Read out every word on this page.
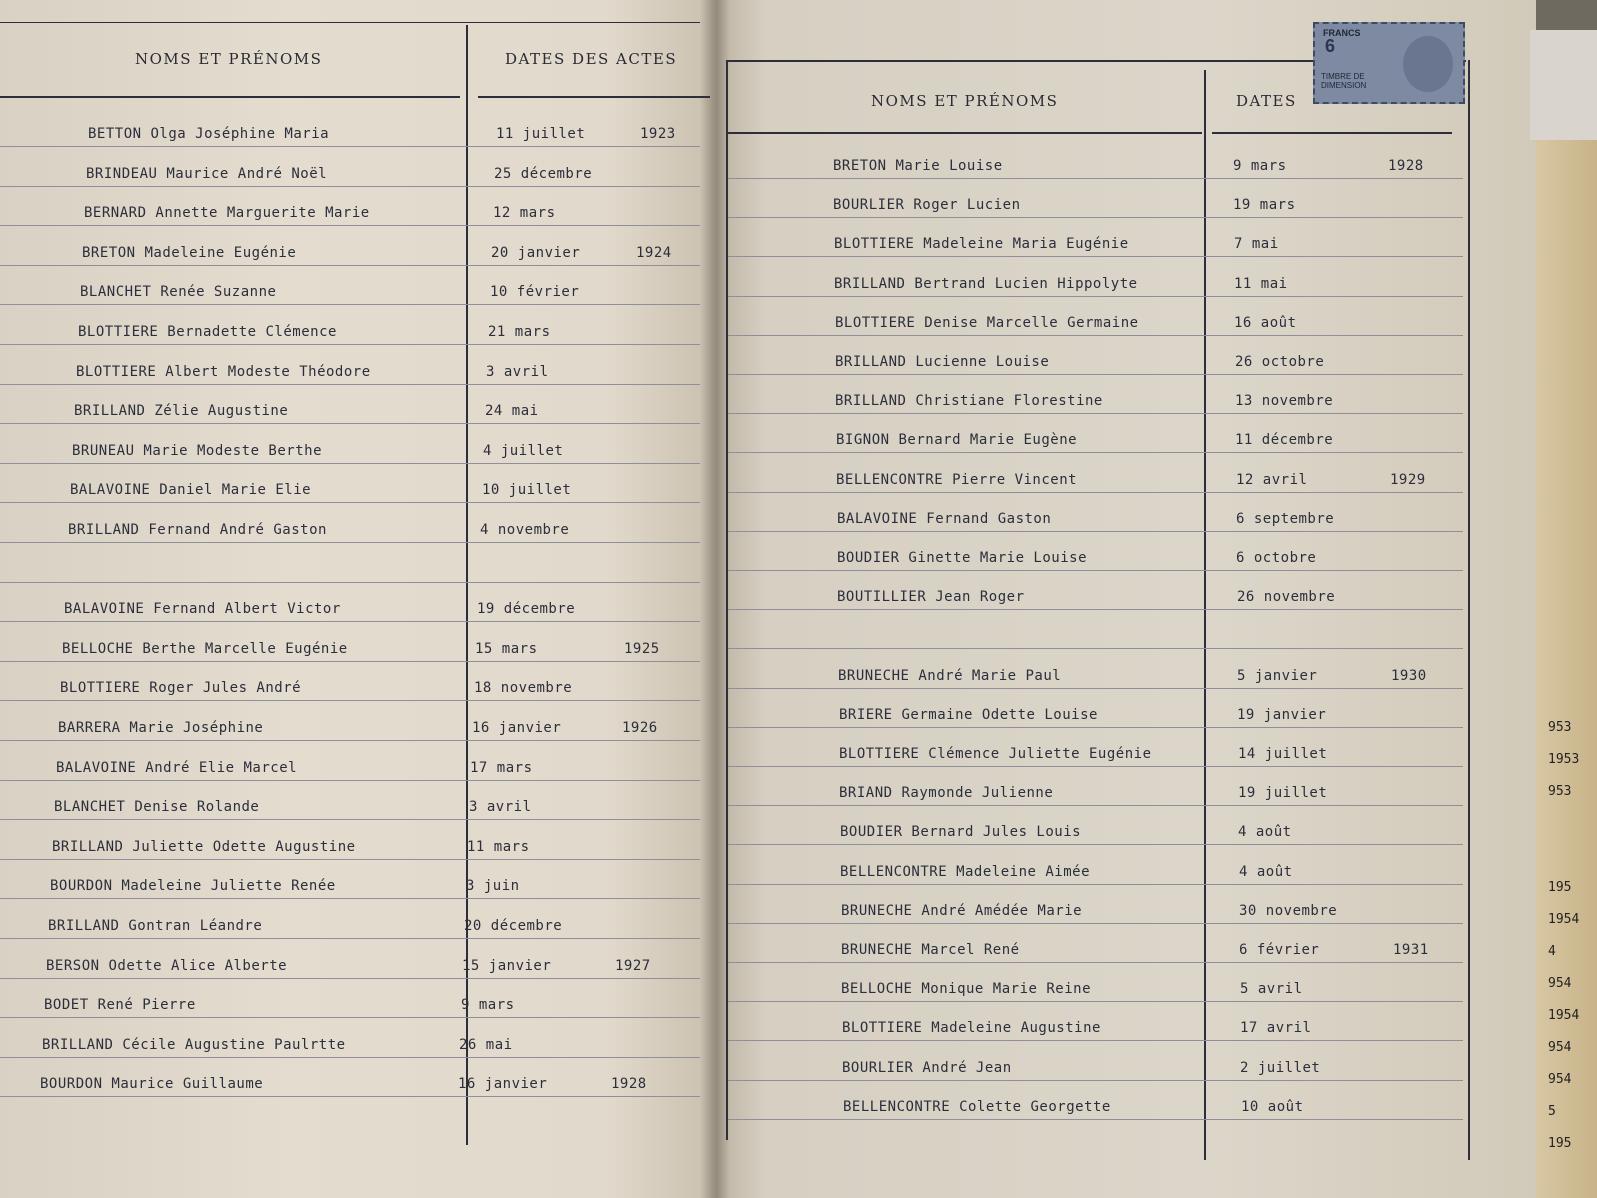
NOMS ET PRÉNOMS	DATES DES ACTES
BETTON Olga Joséphine Maria	11 juillet	1923
BRINDEAU Maurice André Noël	25 décembre
BERNARD Annette Marguerite Marie	12 mars
BRETON Madeleine Eugénie	20 janvier	1924
BLANCHET Renée Suzanne	10 février
BLOTTIERE Bernadette Clémence	21 mars
BLOTTIERE Albert Modeste Théodore	3 avril
BRILLAND Zélie Augustine	24 mai
BRUNEAU Marie Modeste Berthe	4 juillet
BALAVOINE Daniel Marie Elie	10 juillet
BRILLAND Fernand André Gaston	4 novembre
BALAVOINE Fernand Albert Victor	19 décembre
BELLOCHE Berthe Marcelle Eugénie	15 mars	1925
BLOTTIERE Roger Jules André	18 novembre
BARRERA Marie Joséphine	16 janvier	1926
BALAVOINE André Elie Marcel	17 mars
BLANCHET Denise Rolande	3 avril
BRILLAND Juliette Odette Augustine	11 mars
BOURDON Madeleine Juliette Renée	3 juin
BRILLAND Gontran Léandre	20 décembre
BERSON Odette Alice Alberte	15 janvier	1927
BODET René Pierre	9 mars
BRILLAND Cécile Augustine Paulrtte	26 mai
BOURDON Maurice Guillaume	16 janvier	1928
NOMS ET PRÉNOMS	DATES
BRETON Marie Louise	9 mars	1928
BOURLIER Roger Lucien	19 mars
BLOTTIERE Madeleine Maria Eugénie	7 mai
BRILLAND Bertrand Lucien Hippolyte	11 mai
BLOTTIERE Denise Marcelle Germaine	16 août
BRILLAND Lucienne Louise	26 octobre
BRILLAND Christiane Florestine	13 novembre
BIGNON Bernard Marie Eugène	11 décembre
BELLENCONTRE Pierre Vincent	12 avril	1929
BALAVOINE Fernand Gaston	6 septembre
BOUDIER Ginette Marie Louise	6 octobre
BOUTILLIER Jean Roger	26 novembre
BRUNECHE André Marie Paul	5 janvier	1930
BRIERE Germaine Odette Louise	19 janvier
BLOTTIERE Clémence Juliette Eugénie	14 juillet
BRIAND Raymonde Julienne	19 juillet
BOUDIER Bernard Jules Louis	4 août
BELLENCONTRE Madeleine Aimée	4 août
BRUNECHE André Amédée Marie	30 novembre
BRUNECHE Marcel René	6 février	1931
BELLOCHE Monique Marie Reine	5 avril
BLOTTIERE Madeleine Augustine	17 avril
BOURLIER André Jean	2 juillet
BELLENCONTRE Colette Georgette	10 août
953
1953
953
195
1954
4
954
1954
954
954
5
195
FRANCS
6
TIMBRE DE DIMENSION
